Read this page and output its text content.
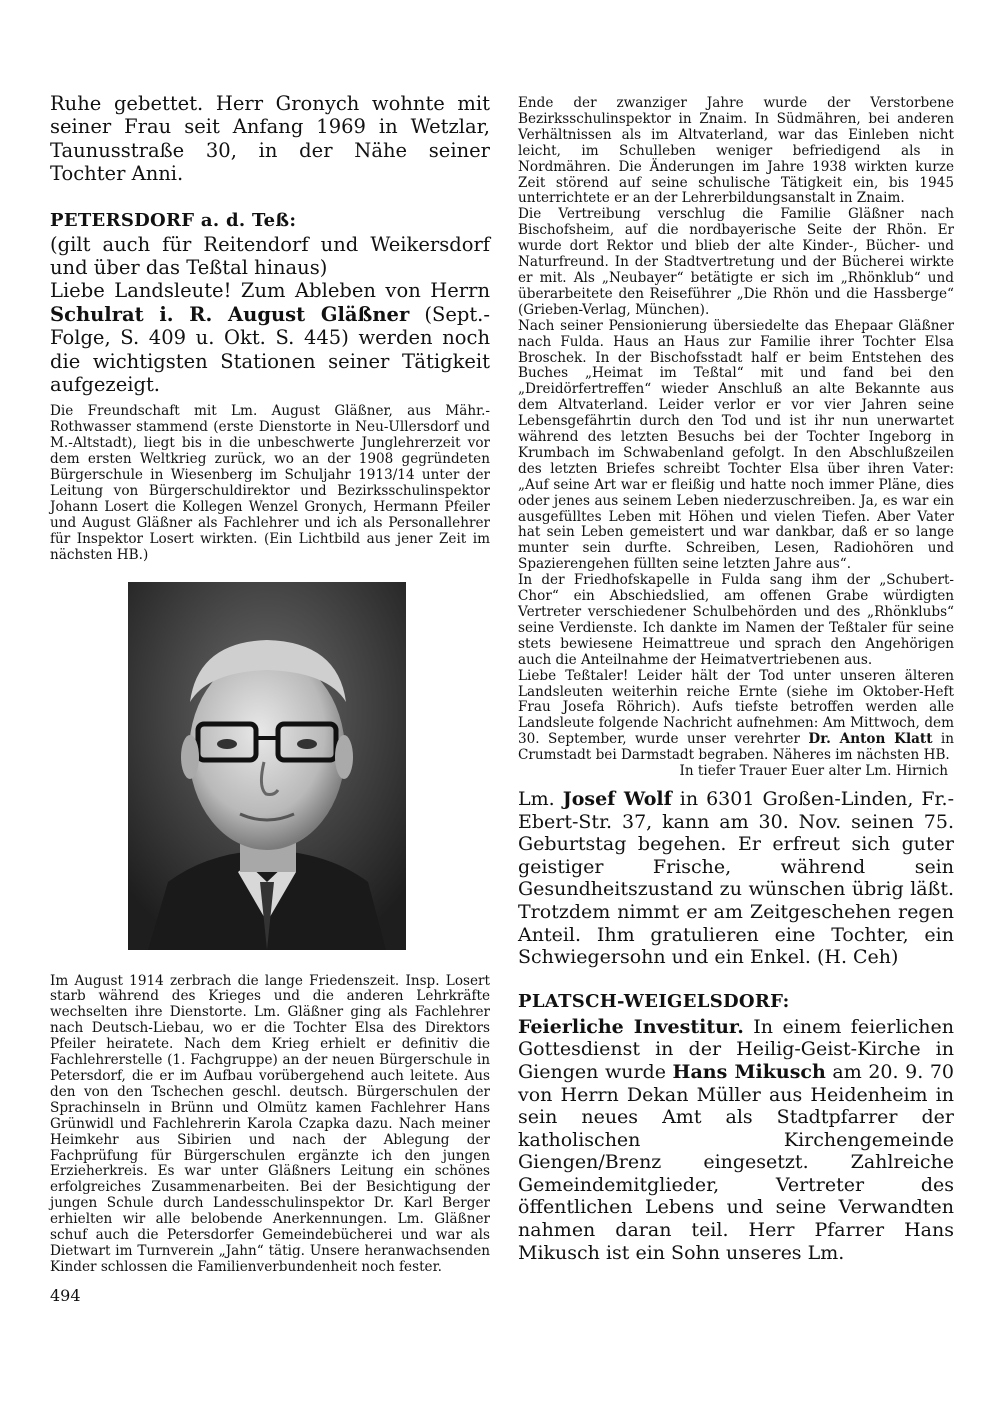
Ruhe gebettet. Herr Gronych wohnte mit seiner Frau seit Anfang 1969 in Wetzlar, Taunusstraße 30, in der Nähe seiner Tochter Anni.

PETERSDORF a. d. Teß:

(gilt auch für Reitendorf und Weikersdorf und über das Teßtal hinaus)

Liebe Landsleute! Zum Ableben von Herrn Schulrat i. R. August Gläßner (Sept.-Folge, S. 409 u. Okt. S. 445) werden noch die wichtigsten Stationen seiner Tätigkeit aufgezeigt.

Die Freundschaft mit Lm. August Gläßner, aus Mähr.-Rothwasser stammend (erste Dienstorte in Neu-Ullersdorf und M.-Altstadt), liegt bis in die unbeschwerte Junglehrerzeit vor dem ersten Weltkrieg zurück, wo an der 1908 gegründeten Bürgerschule in Wiesenberg im Schuljahr 1913/14 unter der Leitung von Bürgerschuldirektor und Bezirksschulinspektor Johann Losert die Kollegen Wenzel Gronych, Hermann Pfeiler und August Gläßner als Fachlehrer und ich als Personallehrer für Inspektor Losert wirkten. (Ein Lichtbild aus jener Zeit im nächsten HB.)

Im August 1914 zerbrach die lange Friedenszeit. Insp. Losert starb während des Krieges und die anderen Lehrkräfte wechselten ihre Dienstorte. Lm. Gläßner ging als Fachlehrer nach Deutsch-Liebau, wo er die Tochter Elsa des Direktors Pfeiler heiratete. Nach dem Krieg erhielt er definitiv die Fachlehrerstelle (1. Fachgruppe) an der neuen Bürgerschule in Petersdorf, die er im Aufbau vorübergehend auch leitete. Aus den von den Tschechen geschl. deutsch. Bürgerschulen der Sprachinseln in Brünn und Olmütz kamen Fachlehrer Hans Grünwidl und Fachlehrerin Karola Czapka dazu. Nach meiner Heimkehr aus Sibirien und nach der Ablegung der Fachprüfung für Bürgerschulen ergänzte ich den jungen Erzieherkreis. Es war unter Gläßners Leitung ein schönes erfolgreiches Zusammenarbeiten. Bei der Besichtigung der jungen Schule durch Landesschulinspektor Dr. Karl Berger erhielten wir alle belobende Anerkennungen. Lm. Gläßner schuf auch die Petersdorfer Gemeindebücherei und war als Dietwart im Turnverein „Jahn“ tätig. Unsere heranwachsenden Kinder schlossen die Familienverbundenheit noch fester.

Ende der zwanziger Jahre wurde der Verstorbene Bezirksschulinspektor in Znaim. In Südmähren, bei anderen Verhältnissen als im Altvaterland, war das Einleben nicht leicht, im Schulleben weniger befriedigend als in Nordmähren. Die Änderungen im Jahre 1938 wirkten kurze Zeit störend auf seine schulische Tätigkeit ein, bis 1945 unterrichtete er an der Lehrerbildungsanstalt in Znaim.

Die Vertreibung verschlug die Familie Gläßner nach Bischofsheim, auf die nordbayerische Seite der Rhön. Er wurde dort Rektor und blieb der alte Kinder-, Bücher- und Naturfreund. In der Stadtvertretung und der Bücherei wirkte er mit. Als „Neubayer“ betätigte er sich im „Rhönklub“ und überarbeitete den Reiseführer „Die Rhön und die Hassberge“ (Grieben-Verlag, München).

Nach seiner Pensionierung übersiedelte das Ehepaar Gläßner nach Fulda. Haus an Haus zur Familie ihrer Tochter Elsa Broschek. In der Bischofsstadt half er beim Entstehen des Buches „Heimat im Teßtal“ mit und fand bei den „Dreidörfertreffen“ wieder Anschluß an alte Bekannte aus dem Altvaterland. Leider verlor er vor vier Jahren seine Lebensgefährtin durch den Tod und ist ihr nun unerwartet während des letzten Besuchs bei der Tochter Ingeborg in Krumbach im Schwabenland gefolgt. In den Abschlußzeilen des letzten Briefes schreibt Tochter Elsa über ihren Vater: „Auf seine Art war er fleißig und hatte noch immer Pläne, dies oder jenes aus seinem Leben niederzuschreiben. Ja, es war ein ausgefülltes Leben mit Höhen und vielen Tiefen. Aber Vater hat sein Leben gemeistert und war dankbar, daß er so lange munter sein durfte. Schreiben, Lesen, Radiohören und Spazierengehen füllten seine letzten Jahre aus“.

In der Friedhofskapelle in Fulda sang ihm der „Schubert-Chor“ ein Abschiedslied, am offenen Grabe würdigten Vertreter verschiedener Schulbehörden und des „Rhönklubs“ seine Verdienste. Ich dankte im Namen der Teßtaler für seine stets bewiesene Heimattreue und sprach den Angehörigen auch die Anteilnahme der Heimatvertriebenen aus.

Liebe Teßtaler! Leider hält der Tod unter unseren älteren Landsleuten weiterhin reiche Ernte (siehe im Oktober-Heft Frau Josefa Röhrich). Aufs tiefste betroffen werden alle Landsleute folgende Nachricht aufnehmen: Am Mittwoch, dem 30. September, wurde unser verehrter Dr. Anton Klatt in Crumstadt bei Darmstadt begraben. Näheres im nächsten HB.

In tiefer Trauer Euer alter Lm. Hirnich

Lm. Josef Wolf in 6301 Großen-Linden, Fr.-Ebert-Str. 37, kann am 30. Nov. seinen 75. Geburtstag begehen. Er erfreut sich guter geistiger Frische, während sein Gesundheitszustand zu wünschen übrig läßt. Trotzdem nimmt er am Zeitgeschehen regen Anteil. Ihm gratulieren eine Tochter, ein Schwiegersohn und ein Enkel. (H. Ceh)

PLATSCH-WEIGELSDORF:

Feierliche Investitur. In einem feierlichen Gottesdienst in der Heilig-Geist-Kirche in Giengen wurde Hans Mikusch am 20. 9. 70 von Herrn Dekan Müller aus Heidenheim in sein neues Amt als Stadtpfarrer der katholischen Kirchengemeinde Giengen/Brenz eingesetzt. Zahlreiche Gemeindemitglieder, Vertreter des öffentlichen Lebens und seine Verwandten nahmen daran teil. Herr Pfarrer Hans Mikusch ist ein Sohn unseres Lm.

494
